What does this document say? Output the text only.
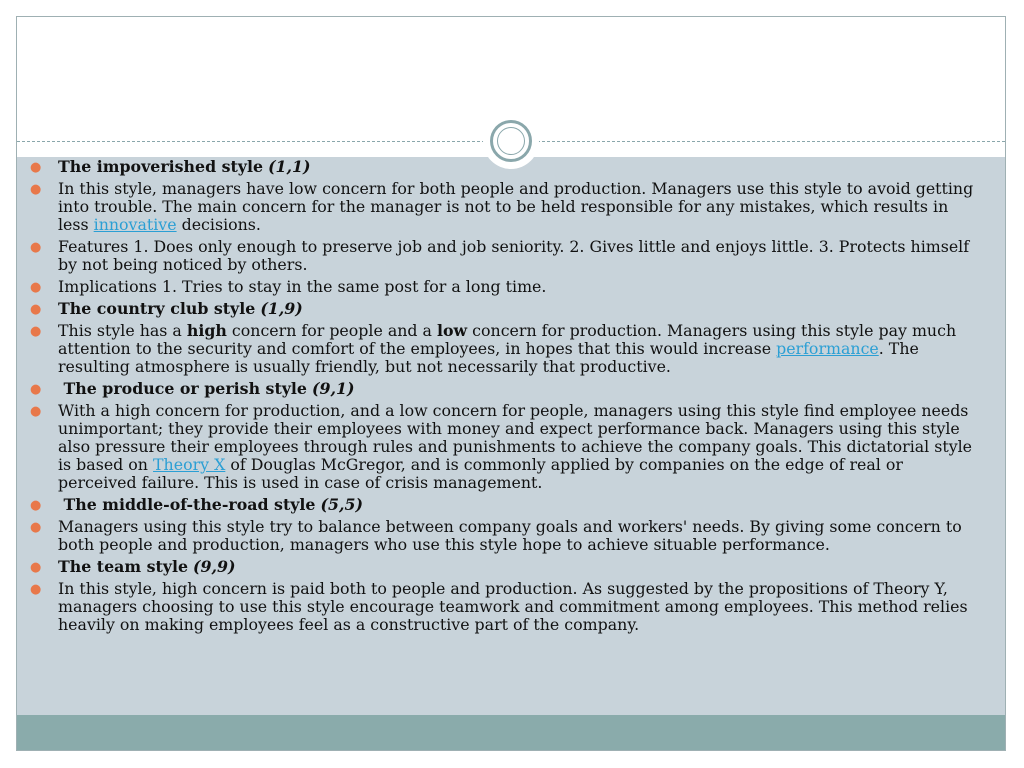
● The impoverished style (1,1)
● In this style, managers have low concern for both people and production. Managers use this style to avoid getting into trouble. The main concern for the manager is not to be held responsible for any mistakes, which results in less innovative decisions.
● Features 1. Does only enough to preserve job and job seniority. 2. Gives little and enjoys little. 3. Protects himself by not being noticed by others.
● Implications 1. Tries to stay in the same post for a long time.
● The country club style (1,9)
● This style has a high concern for people and a low concern for production. Managers using this style pay much attention to the security and comfort of the employees, in hopes that this would increase performance. The resulting atmosphere is usually friendly, but not necessarily that productive.
● The produce or perish style (9,1)
● With a high concern for production, and a low concern for people, managers using this style find employee needs unimportant; they provide their employees with money and expect performance back. Managers using this style also pressure their employees through rules and punishments to achieve the company goals. This dictatorial style is based on Theory X of Douglas McGregor, and is commonly applied by companies on the edge of real or perceived failure. This is used in case of crisis management.
● The middle-of-the-road style (5,5)
● Managers using this style try to balance between company goals and workers' needs. By giving some concern to both people and production, managers who use this style hope to achieve situable performance.
● The team style (9,9)
● In this style, high concern is paid both to people and production. As suggested by the propositions of Theory Y, managers choosing to use this style encourage teamwork and commitment among employees. This method relies heavily on making employees feel as a constructive part of the company.
